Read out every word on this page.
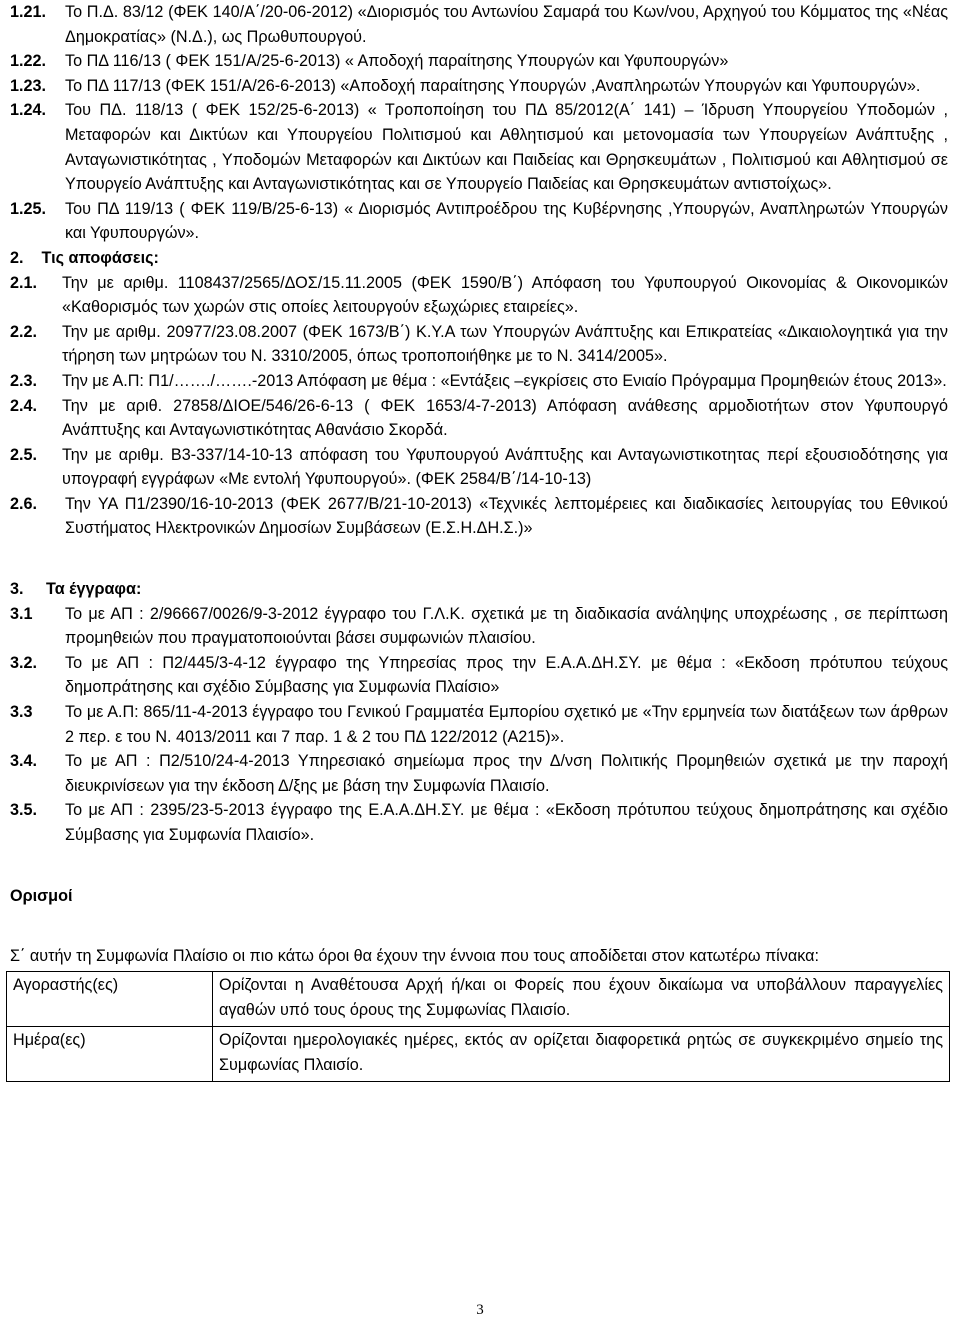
1.21. Το Π.Δ. 83/12 (ΦΕΚ 140/Α΄/20-06-2012) «Διορισμός του Αντωνίου Σαμαρά του Κων/νου, Αρχηγού του Κόμματος της «Νέας Δημοκρατίας» (Ν.Δ.), ως Πρωθυπουργού.
1.22. Το ΠΔ 116/13 ( ΦΕΚ 151/Α/25-6-2013) « Αποδοχή παραίτησης Υπουργών και Υφυπουργών»
1.23. Το ΠΔ 117/13 (ΦΕΚ 151/Α/26-6-2013) «Αποδοχή παραίτησης Υπουργών ,Αναπληρωτών Υπουργών και Υφυπουργών».
1.24. Του ΠΔ. 118/13 ( ΦΕΚ 152/25-6-2013) « Τροποποίηση του ΠΔ 85/2012(Α΄ 141) – Ίδρυση Υπουργείου Υποδομών , Μεταφορών και Δικτύων και Υπουργείου Πολιτισμού και Αθλητισμού και μετονομασία των Υπουργείων Ανάπτυξης , Ανταγωνιστικότητας , Υποδομών Μεταφορών και Δικτύων και Παιδείας και Θρησκευμάτων , Πολιτισμού και Αθλητισμού σε Υπουργείο Ανάπτυξης και Ανταγωνιστικότητας και σε Υπουργείο Παιδείας και Θρησκευμάτων αντιστοίχως».
1.25. Του ΠΔ 119/13 ( ΦΕΚ 119/Β/25-6-13) « Διορισμός Αντιπροέδρου της Κυβέρνησης ,Υπουργών, Αναπληρωτών Υπουργών και Υφυπουργών».
2. Τις αποφάσεις:
2.1. Την με αριθμ. 1108437/2565/ΔΟΣ/15.11.2005 (ΦΕΚ 1590/Β΄) Απόφαση του Υφυπουργού Οικονομίας & Οικονομικών «Καθορισμός των χωρών στις οποίες λειτουργούν εξωχώριες εταιρείες».
2.2. Την με αριθμ. 20977/23.08.2007 (ΦΕΚ 1673/Β΄) Κ.Υ.Α των Υπουργών Ανάπτυξης και Επικρατείας «Δικαιολογητικά για την τήρηση των μητρώων του Ν. 3310/2005, όπως τροποποιήθηκε με το Ν. 3414/2005».
2.3. Την με Α.Π: Π1/……./…….-2013 Απόφαση με θέμα : «Εντάξεις –εγκρίσεις στο Ενιαίο Πρόγραμμα Προμηθειών έτους 2013».
2.4. Την με αριθ. 27858/ΔΙΟΕ/546/26-6-13 ( ΦΕΚ 1653/4-7-2013) Απόφαση ανάθεσης αρμοδιοτήτων στον Υφυπουργό Ανάπτυξης και Ανταγωνιστικότητας Αθανάσιο Σκορδά.
2.5. Την με αριθμ. Β3-337/14-10-13 απόφαση του Υφυπουργού Ανάπτυξης και Ανταγωνιστικοτητας περί εξουσιοδότησης για υπογραφή εγγράφων «Με εντολή Υφυπουργού». (ΦΕΚ 2584/Β΄/14-10-13)
2.6. Την ΥΑ Π1/2390/16-10-2013 (ΦΕΚ 2677/Β/21-10-2013) «Τεχνικές λεπτομέρειες και διαδικασίες λειτουργίας του Εθνικού Συστήματος Ηλεκτρονικών Δημοσίων Συμβάσεων (Ε.Σ.Η.ΔΗ.Σ.)»
3. Τα έγγραφα:
3.1 Το με ΑΠ : 2/96667/0026/9-3-2012 έγγραφο του Γ.Λ.Κ. σχετικά με τη διαδικασία ανάληψης υποχρέωσης , σε περίπτωση προμηθειών που πραγματοποιούνται βάσει συμφωνιών πλαισίου.
3.2. Το με ΑΠ : Π2/445/3-4-12 έγγραφο της Υπηρεσίας προς την Ε.Α.Α.ΔΗ.ΣΥ. με θέμα : «Εκδοση πρότυπου τεύχους δημοπράτησης και σχέδιο Σύμβασης για Συμφωνία Πλαίσιο»
3.3 Το με Α.Π: 865/11-4-2013 έγγραφο του Γενικού Γραμματέα Εμπορίου σχετικό με «Την ερμηνεία των διατάξεων των άρθρων 2 περ. ε του Ν. 4013/2011 και 7 παρ. 1 & 2 του ΠΔ 122/2012 (Α215)».
3.4. Το με ΑΠ : Π2/510/24-4-2013 Υπηρεσιακό σημείωμα προς την Δ/νση Πολιτικής Προμηθειών σχετικά με την παροχή διευκρινίσεων για την έκδοση Δ/ξης με βάση την Συμφωνία Πλαισίο.
3.5. Το με ΑΠ : 2395/23-5-2013 έγγραφο της Ε.Α.Α.ΔΗ.ΣΥ. με θέμα : «Εκδοση πρότυπου τεύχους δημοπράτησης και σχέδιο Σύμβασης για Συμφωνία Πλαισίο».
Ορισμοί
Σ΄ αυτήν τη Συμφωνία Πλαίσιο οι πιο κάτω όροι θα έχουν την έννοια που τους αποδίδεται στον κατωτέρω πίνακα:
Αγοραστής(ες)	Ορίζονται η Αναθέτουσα Αρχή ή/και οι Φορείς που έχουν δικαίωμα να υποβάλλουν παραγγελίες αγαθών υπό τους όρους της Συμφωνίας Πλαισίο.
Ημέρα(ες)	Ορίζονται ημερολογιακές ημέρες, εκτός αν ορίζεται διαφορετικά ρητώς σε συγκεκριμένο σημείο της Συμφωνίας Πλαισίο.
3
